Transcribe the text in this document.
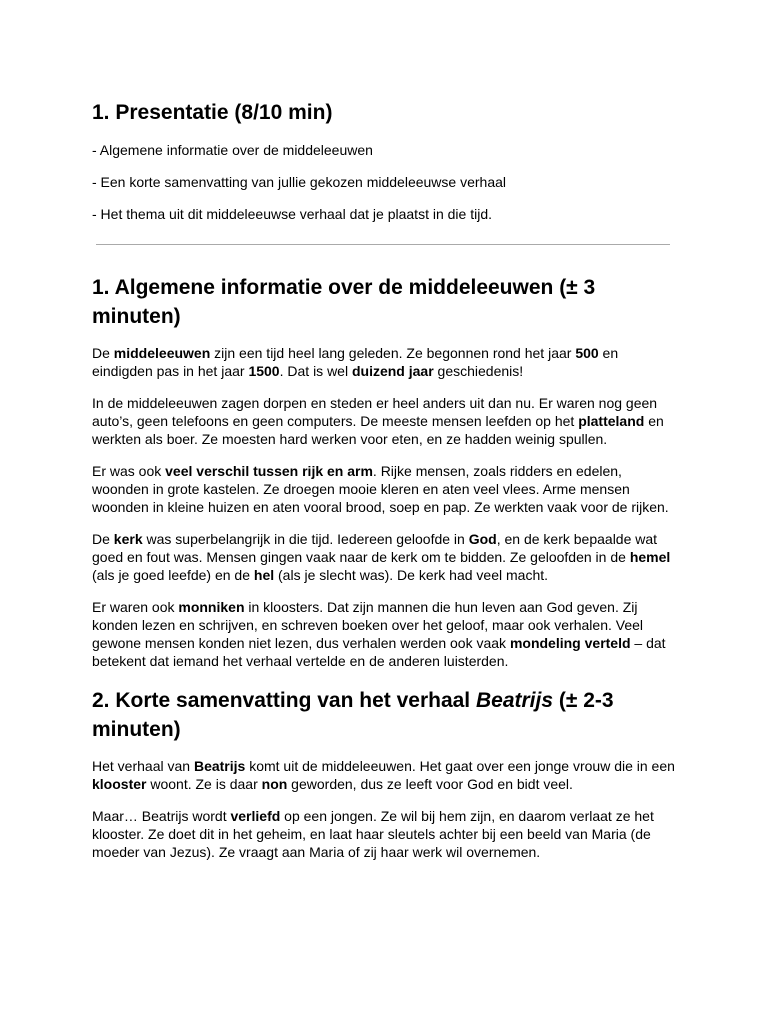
1. Presentatie (8/10 min)

- Algemene informatie over de middeleeuwen

- Een korte samenvatting van jullie gekozen middeleeuwse verhaal

- Het thema uit dit middeleeuwse verhaal dat je plaatst in die tijd.

1. Algemene informatie over de middeleeuwen (± 3 minuten)

De middeleeuwen zijn een tijd heel lang geleden. Ze begonnen rond het jaar 500 en eindigden pas in het jaar 1500. Dat is wel duizend jaar geschiedenis!

In de middeleeuwen zagen dorpen en steden er heel anders uit dan nu. Er waren nog geen auto’s, geen telefoons en geen computers. De meeste mensen leefden op het platteland en werkten als boer. Ze moesten hard werken voor eten, en ze hadden weinig spullen.

Er was ook veel verschil tussen rijk en arm. Rijke mensen, zoals ridders en edelen, woonden in grote kastelen. Ze droegen mooie kleren en aten veel vlees. Arme mensen woonden in kleine huizen en aten vooral brood, soep en pap. Ze werkten vaak voor de rijken.

De kerk was superbelangrijk in die tijd. Iedereen geloofde in God, en de kerk bepaalde wat goed en fout was. Mensen gingen vaak naar de kerk om te bidden. Ze geloofden in de hemel (als je goed leefde) en de hel (als je slecht was). De kerk had veel macht.

Er waren ook monniken in kloosters. Dat zijn mannen die hun leven aan God geven. Zij konden lezen en schrijven, en schreven boeken over het geloof, maar ook verhalen. Veel gewone mensen konden niet lezen, dus verhalen werden ook vaak mondeling verteld – dat betekent dat iemand het verhaal vertelde en de anderen luisterden.

2. Korte samenvatting van het verhaal Beatrijs (± 2-3 minuten)

Het verhaal van Beatrijs komt uit de middeleeuwen. Het gaat over een jonge vrouw die in een klooster woont. Ze is daar non geworden, dus ze leeft voor God en bidt veel.

Maar… Beatrijs wordt verliefd op een jongen. Ze wil bij hem zijn, en daarom verlaat ze het klooster. Ze doet dit in het geheim, en laat haar sleutels achter bij een beeld van Maria (de moeder van Jezus). Ze vraagt aan Maria of zij haar werk wil overnemen.
